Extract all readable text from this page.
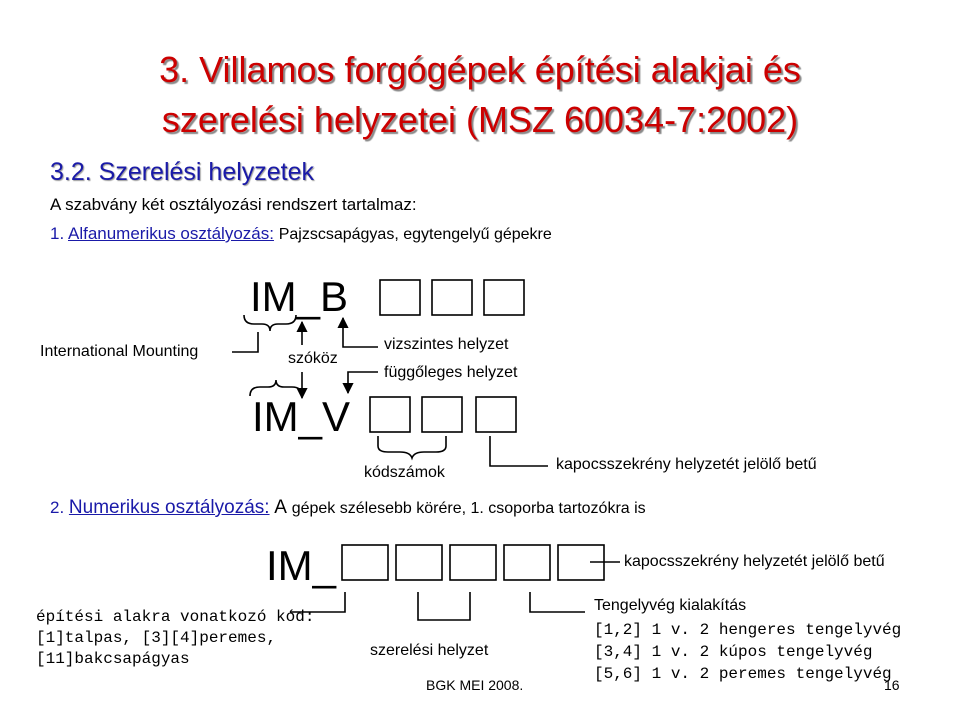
3. Villamos forgógépek építési alakjai és
szerelési helyzetei (MSZ 60034-7:2002)
3.2. Szerelési helyzetek
A szabvány két osztályozási rendszert tartalmaz:
1. Alfanumerikus osztályozás: Pajzscsapágyas, egytengelyű gépekre
IM_B
IM_V
International Mounting	szóköz
vizszintes helyzet
függőleges helyzet
kódszámok	kapocsszekrény helyzetét jelölő betű
2. Numerikus osztályozás: A gépek szélesebb körére, 1. csoporba tartozókra is
IM_	kapocsszekrény helyzetét jelölő betű
építési alakra vonatkozó kód:
[1]talpas, [3][4]peremes,
[11]bakcsapágyas	szerelési helyzet
Tengelyvég kialakítás
[1,2] 1 v. 2 hengeres tengelyvég
[3,4] 1 v. 2 kúpos tengelyvég
[5,6] 1 v. 2 peremes tengelyvég
BGK MEI 2008.	16
